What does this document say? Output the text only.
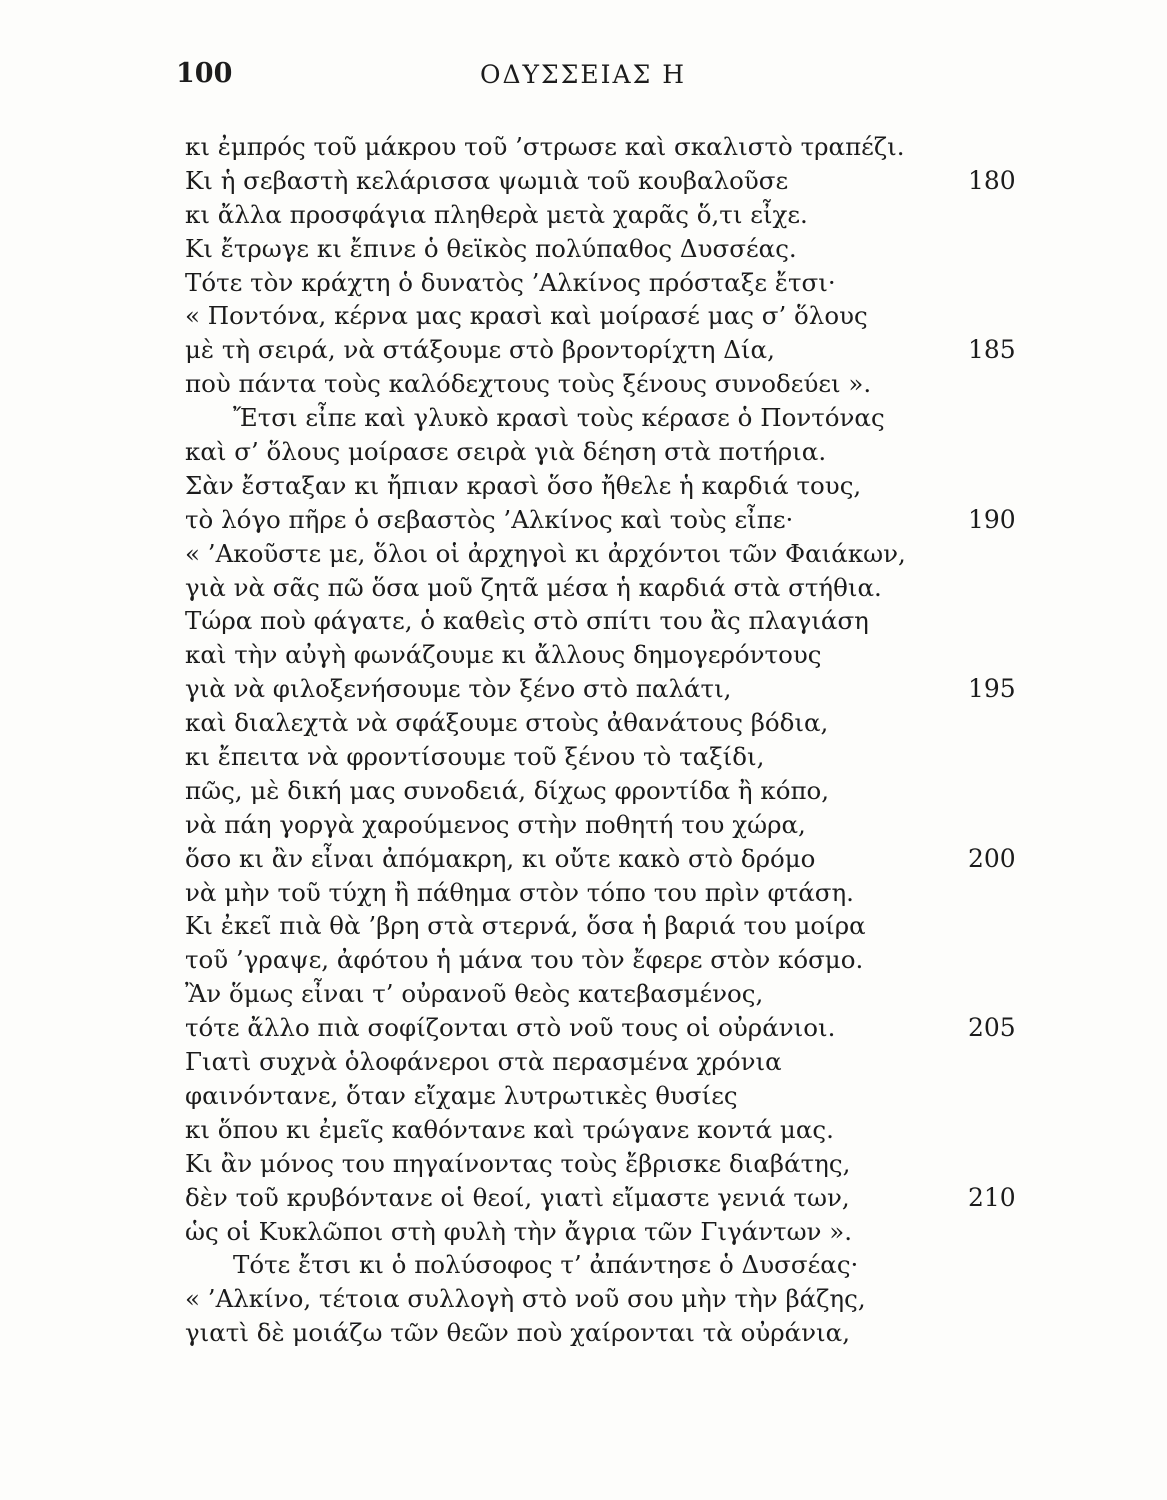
100	ΟΔΥΣΣΕΙΑΣ Η
κι ἐμπρός τοῦ μάκρου τοῦ ’στρωσε καὶ σκαλιστὸ τραπέζι.
Κι ἡ σεβαστὴ κελάρισσα ψωμιὰ τοῦ κουβαλοῦσε	180
κι ἄλλα προσφάγια πληθερὰ μετὰ χαρᾶς ὅ,τι εἶχε.
Κι ἔτρωγε κι ἔπινε ὁ θεϊκὸς πολύπαθος Δυσσέας.
Τότε τὸν κράχτη ὁ δυνατὸς ’Αλκίνος πρόσταξε ἔτσι·
« Ποντόνα, κέρνα μας κρασὶ καὶ μοίρασέ μας σ’ ὅλους
μὲ τὴ σειρά, νὰ στάξουμε στὸ βροντορίχτη Δία,	185
ποὺ πάντα τοὺς καλόδεχτους τοὺς ξένους συνοδεύει ».
Ἔτσι εἶπε καὶ γλυκὸ κρασὶ τοὺς κέρασε ὁ Ποντόνας
καὶ σ’ ὅλους μοίρασε σειρὰ γιὰ δέηση στὰ ποτήρια.
Σὰν ἔσταξαν κι ἤπιαν κρασὶ ὅσο ἤθελε ἡ καρδιά τους,
τὸ λόγο πῆρε ὁ σεβαστὸς ’Αλκίνος καὶ τοὺς εἶπε·	190
« ’Ακοῦστε με, ὅλοι οἱ ἀρχηγοὶ κι ἀρχόντοι τῶν Φαιάκων,
γιὰ νὰ σᾶς πῶ ὅσα μοῦ ζητᾶ μέσα ἡ καρδιά στὰ στήθια.
Τώρα ποὺ φάγατε, ὁ καθεὶς στὸ σπίτι του ἂς πλαγιάση
καὶ τὴν αὐγὴ φωνάζουμε κι ἄλλους δημογερόντους
γιὰ νὰ φιλοξενήσουμε τὸν ξένο στὸ παλάτι,	195
καὶ διαλεχτὰ νὰ σφάξουμε στοὺς ἀθανάτους βόδια,
κι ἔπειτα νὰ φροντίσουμε τοῦ ξένου τὸ ταξίδι,
πῶς, μὲ δική μας συνοδειά, δίχως φροντίδα ἢ κόπο,
νὰ πάη γοργὰ χαρούμενος στὴν ποθητή του χώρα,
ὅσο κι ἂν εἶναι ἀπόμακρη, κι οὔτε κακὸ στὸ δρόμο	200
νὰ μὴν τοῦ τύχη ἢ πάθημα στὸν τόπο του πρὶν φτάση.
Κι ἐκεῖ πιὰ θὰ ’βρη στὰ στερνά, ὅσα ἡ βαριά του μοίρα
τοῦ ’γραψε, ἀφότου ἡ μάνα του τὸν ἔφερε στὸν κόσμο.
Ἂν ὅμως εἶναι τ’ οὐρανοῦ θεὸς κατεβασμένος,
τότε ἄλλο πιὰ σοφίζονται στὸ νοῦ τους οἱ οὐράνιοι.	205
Γιατὶ συχνὰ ὁλοφάνεροι στὰ περασμένα χρόνια
φαινόντανε, ὅταν εἴχαμε λυτρωτικὲς θυσίες
κι ὅπου κι ἐμεῖς καθόντανε καὶ τρώγανε κοντά μας.
Κι ἂν μόνος του πηγαίνοντας τοὺς ἔβρισκε διαβάτης,
δὲν τοῦ κρυβόντανε οἱ θεοί, γιατὶ εἴμαστε γενιά των,	210
ὡς οἱ Κυκλῶποι στὴ φυλὴ τὴν ἄγρια τῶν Γιγάντων ».
Τότε ἔτσι κι ὁ πολύσοφος τ’ ἀπάντησε ὁ Δυσσέας·
« ’Αλκίνο, τέτοια συλλογὴ στὸ νοῦ σου μὴν τὴν βάζης,
γιατὶ δὲ μοιάζω τῶν θεῶν ποὺ χαίρονται τὰ οὐράνια,
